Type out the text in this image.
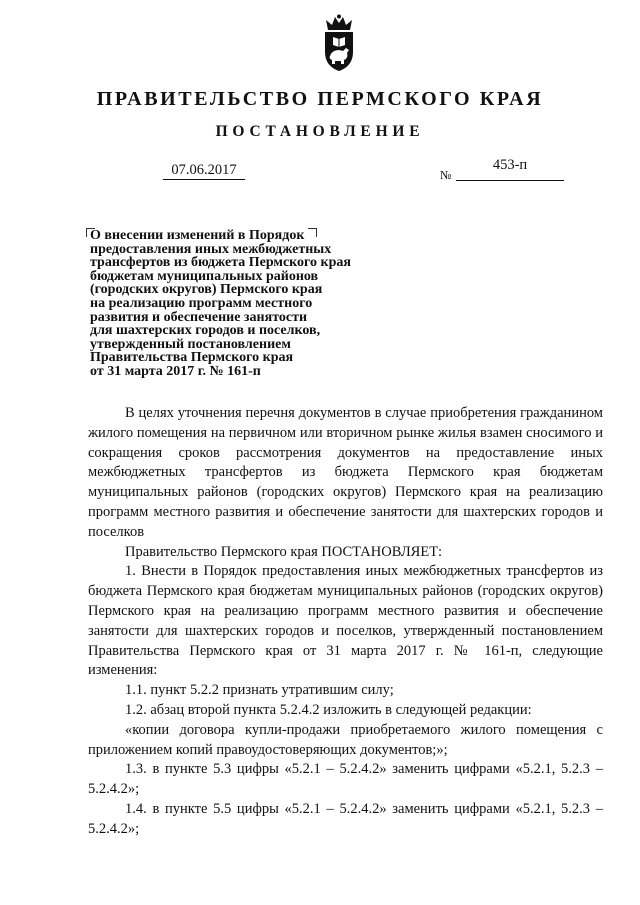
ПРАВИТЕЛЬСТВО ПЕРМСКОГО КРАЯ
ПОСТАНОВЛЕНИЕ
07.06.2017	№
453-п
О внесении изменений в Порядок
предоставления иных межбюджетных
трансфертов из бюджета Пермского края
бюджетам муниципальных районов
(городских округов) Пермского края
на реализацию программ местного
развития и обеспечение занятости
для шахтерских городов и поселков,
утвержденный постановлением
Правительства Пермского края
от 31 марта 2017 г. № 161-п

В целях уточнения перечня документов в случае приобретения гражданином жилого помещения на первичном или вторичном рынке жилья взамен сносимого и сокращения сроков рассмотрения документов на предоставление иных межбюджетных трансфертов из бюджета Пермского края бюджетам муниципальных районов (городских округов) Пермского края на реализацию программ местного развития и обеспечение занятости для шахтерских городов и поселков

Правительство Пермского края ПОСТАНОВЛЯЕТ:

1. Внести в Порядок предоставления иных межбюджетных трансфертов из бюджета Пермского края бюджетам муниципальных районов (городских округов) Пермского края на реализацию программ местного развития и обеспечение занятости для шахтерских городов и поселков, утвержденный постановлением Правительства Пермского края от 31 марта 2017 г. № 161-п, следующие изменения:

1.1. пункт 5.2.2 признать утратившим силу;

1.2. абзац второй пункта 5.2.4.2 изложить в следующей редакции:

«копии договора купли-продажи приобретаемого жилого помещения с приложением копий правоудостоверяющих документов;»;

1.3. в пункте 5.3 цифры «5.2.1 – 5.2.4.2» заменить цифрами «5.2.1, 5.2.3 – 5.2.4.2»;

1.4. в пункте 5.5 цифры «5.2.1 – 5.2.4.2» заменить цифрами «5.2.1, 5.2.3 – 5.2.4.2»;
